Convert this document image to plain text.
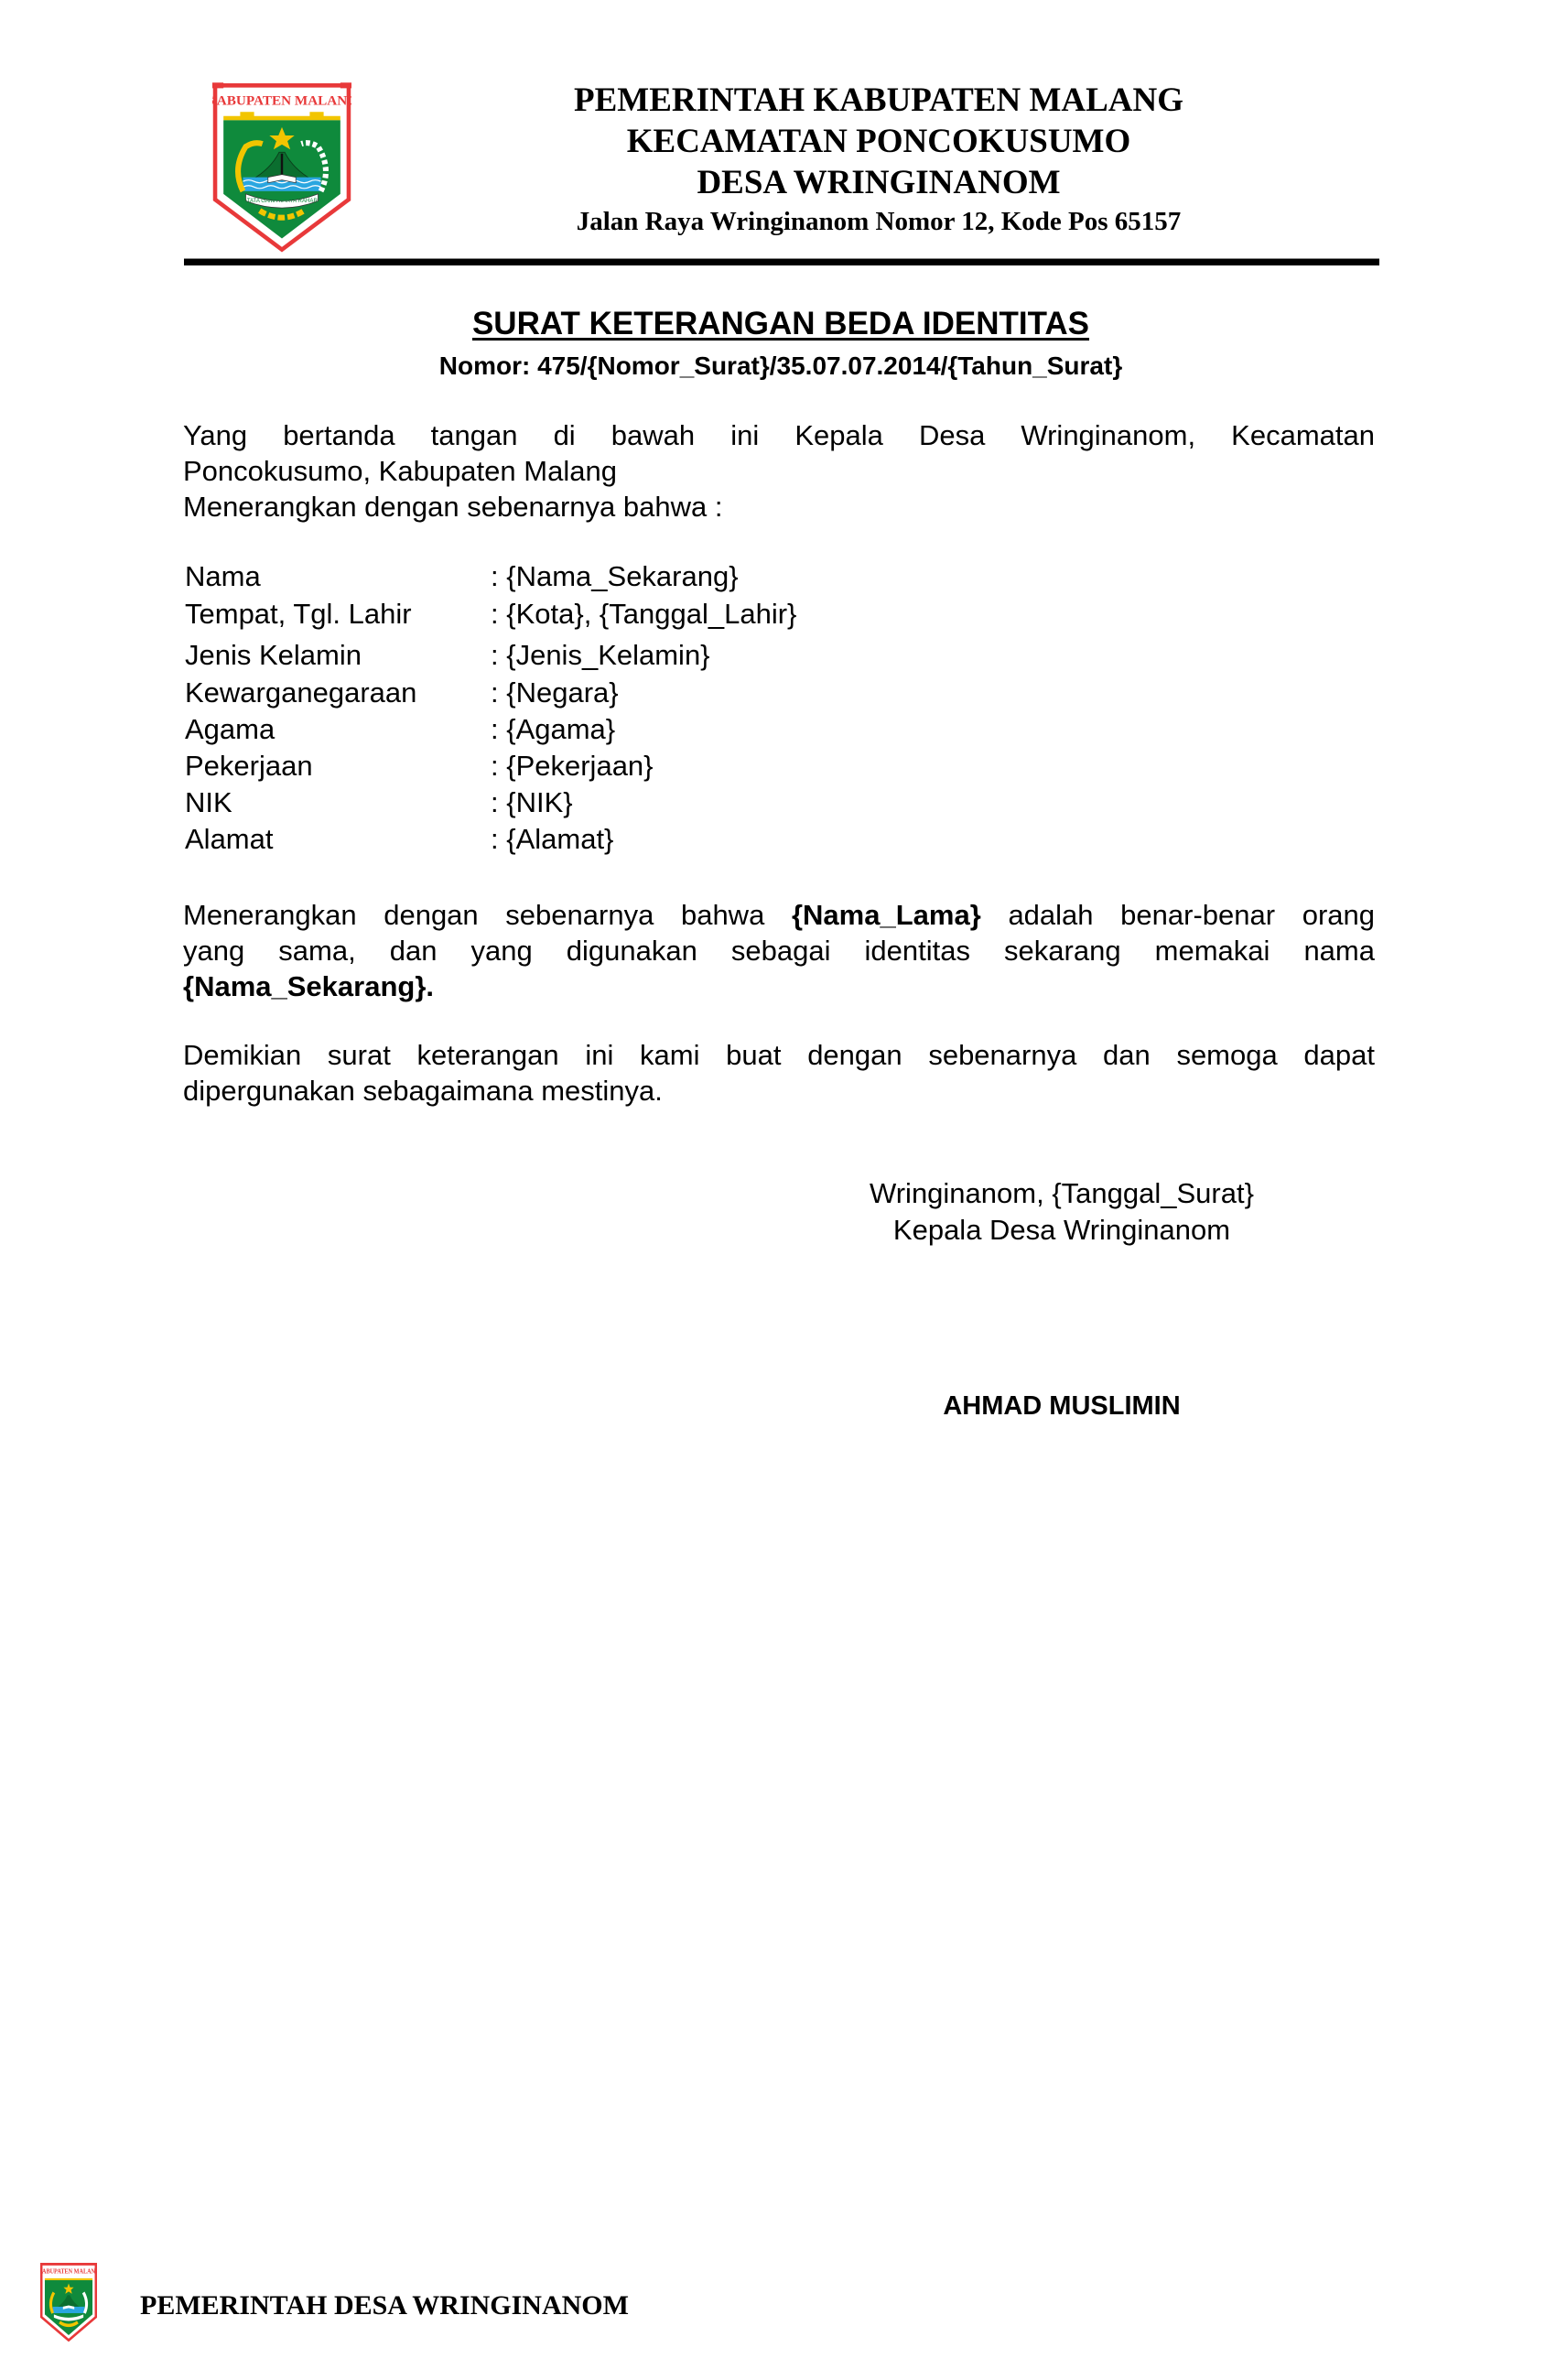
KABUPATEN MALANG
SATATA GAMA KARTA RAHARJA
PEMERINTAH KABUPATEN MALANG
KECAMATAN PONCOKUSUMO
DESA WRINGINANOM
Jalan Raya Wringinanom Nomor 12, Kode Pos 65157
SURAT KETERANGAN BEDA IDENTITAS
Nomor: 475/{Nomor_Surat}/35.07.07.2014/{Tahun_Surat}
Yang bertanda tangan di bawah ini Kepala Desa Wringinanom, Kecamatan
Poncokusumo, Kabupaten Malang
Menerangkan dengan sebenarnya bahwa :
Nama	: {Nama_Sekarang}
Tempat, Tgl. Lahir	: {Kota}, {Tanggal_Lahir}
Jenis Kelamin	: {Jenis_Kelamin}
Kewarganegaraan	: {Negara}
Agama	: {Agama}
Pekerjaan	: {Pekerjaan}
NIK	: {NIK}
Alamat	: {Alamat}
Menerangkan dengan sebenarnya bahwa {Nama_Lama} adalah benar-benar orang
yang sama, dan yang digunakan sebagai identitas sekarang memakai nama
{Nama_Sekarang}.
Demikian surat keterangan ini kami buat dengan sebenarnya dan semoga dapat
dipergunakan sebagaimana mestinya.
Wringinanom, {Tanggal_Surat}
Kepala Desa Wringinanom
AHMAD MUSLIMIN
KABUPATEN MALANG
PEMERINTAH DESA WRINGINANOM
